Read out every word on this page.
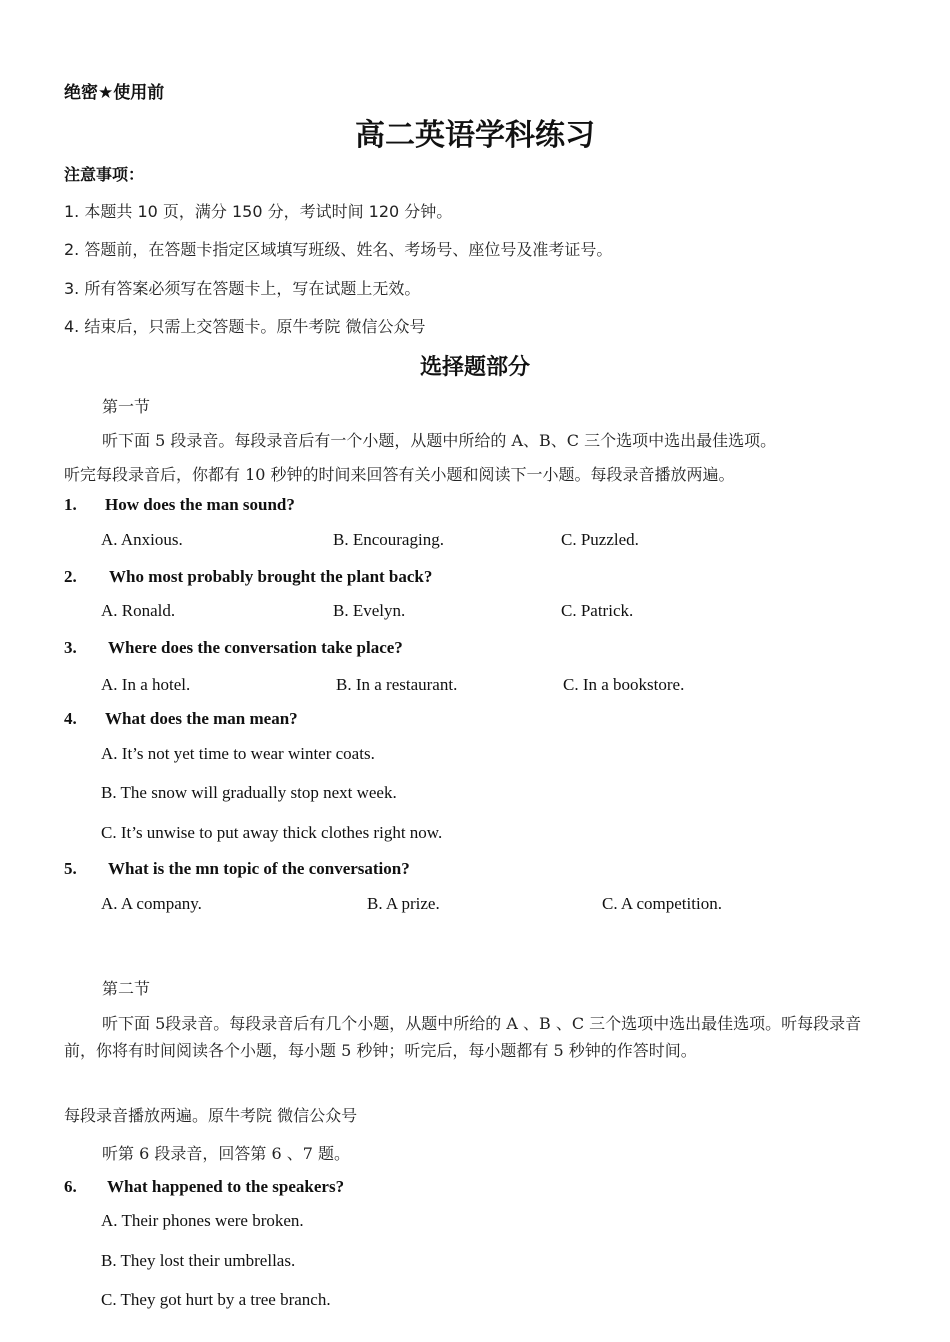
绝密★使用前
高二英语学科练习
注意事项：
1. 本题共 10 页，满分 150 分，考试时间 120 分钟。
2. 答题前，在答题卡指定区域填写班级、姓名、考场号、座位号及准考证号。
3. 所有答案必须写在答题卡上，写在试题上无效。
4. 结束后，只需上交答题卡。原牛考院 微信公众号
选择题部分
第一节
听下面 5 段录音。每段录音后有一个小题，从题中所给的 A、B、C 三个选项中选出最佳选项。
听完每段录音后，你都有 10 秒钟的时间来回答有关小题和阅读下一小题。每段录音播放两遍。
1. How does the man sound?
A. Anxious.	B. Encouraging.	C. Puzzled.
2. Who most probably brought the plant back?
A. Ronald.	B. Evelyn.	C. Patrick.
3. Where does the conversation take place?
A. In a hotel.	B. In a restaurant.	C. In a bookstore.
4. What does the man mean?
A. It’s not yet time to wear winter coats.
B. The snow will gradually stop next week.
C. It’s unwise to put away thick clothes right now.
5. What is the mn topic of the conversation?
A. A company.	B. A prize.	C. A competition.
第二节
听下面 5段录音。每段录音后有几个小题，从题中所给的 A 、B 、C 三个选项中选出最佳选项。听每段录音前，你将有时间阅读各个小题，每小题 5 秒钟；听完后，每小题都有 5 秒钟的作答时间。
每段录音播放两遍。原牛考院 微信公众号
听第 6 段录音，回答第 6 、7 题。
6. What happened to the speakers?
A. Their phones were broken.
B. They lost their umbrellas.
C. They got hurt by a tree branch.
